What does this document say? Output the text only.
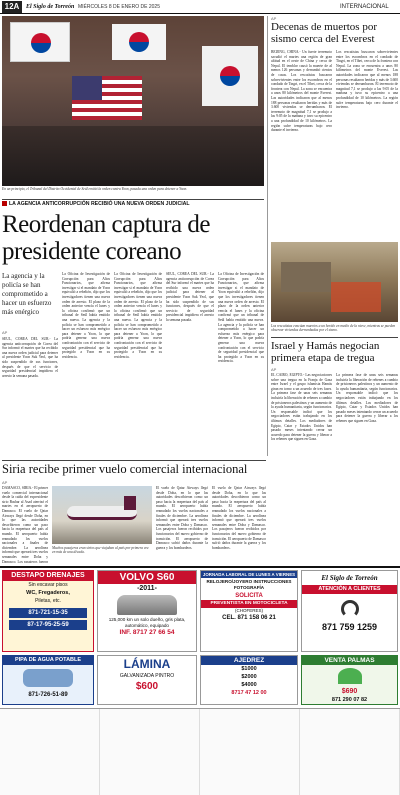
12A	El Siglo de Torreón MIÉRCOLES 8 DE ENERO DE 2025	INTERNACIONAL
En un principio, el Tribunal del Distrito Occidental de Seúl emitió la orden contra Yoon, pasada una orden para detener a Yoon.
LA AGENCIA ANTICORRUPCIÓN RECIBIÓ UNA NUEVA ORDEN JUDICIAL
Reordenan captura de presidente coreano
La agencia y la policía se han comprometido a hacer un esfuerzo más enérgico
AP
SEÚL, COREA DEL SUR.- La agencia anticorrupción de Corea del Sur informó el martes que ha recibido una nueva orden judicial para detener al presidente Yoon Suk Yeol, que ha sido suspendido de sus funciones, después de que el servicio de seguridad presidencial impidiera el arresto la semana pasada.
La Oficina de Investigación de Corrupción para Altos Funcionarios, que afirma investigar si el mandato de Yoon equivalió a rebelión, dijo que los investigadores tienen una nueva orden de arresto. El plazo de la orden anterior vencía el lunes y la oficina confirmó que un tribunal de Seúl había emitido una nueva. La agencia y la policía se han comprometido a hacer un esfuerzo más enérgico para detener a Yoon, lo que podría generar una nueva confrontación con el servicio de seguridad presidencial que ha protegido a Yoon en su residencia.
La Oficina de Investigación de Corrupción para Altos Funcionarios, que afirma investigar si el mandato de Yoon equivalió a rebelión, dijo que los investigadores tienen una nueva orden de arresto. El plazo de la orden anterior vencía el lunes y la oficina confirmó que un tribunal de Seúl había emitido una nueva. La agencia y la policía se han comprometido a hacer un esfuerzo más enérgico para detener a Yoon, lo que podría generar una nueva confrontación con el servicio de seguridad presidencial que ha protegido a Yoon en su residencia.
SEÚL, COREA DEL SUR.- La agencia anticorrupción de Corea del Sur informó el martes que ha recibido una nueva orden judicial para detener al presidente Yoon Suk Yeol, que ha sido suspendido de sus funciones, después de que el servicio de seguridad presidencial impidiera el arresto la semana pasada.
La Oficina de Investigación de Corrupción para Altos Funcionarios, que afirma investigar si el mandato de Yoon equivalió a rebelión, dijo que los investigadores tienen una nueva orden de arresto. El plazo de la orden anterior vencía el lunes y la oficina confirmó que un tribunal de Seúl había emitido una nueva. La agencia y la policía se han comprometido a hacer un esfuerzo más enérgico para detener a Yoon, lo que podría generar una nueva confrontación con el servicio de seguridad presidencial que ha protegido a Yoon en su residencia.
AP
Decenas de muertos por sismo cerca del Everest
BEIJING, CHINA.- Un fuerte terremoto sacudió el martes una región de gran altitud en el oeste de China y cerca de Nepal. El temblor causó la muerte de al menos 126 personas y derrumbó cientos de casas. Los rescatistas buscaron sobrevivientes entre los escombros en el condado de Tingri, en el Tíbet, cerca de la frontera con Nepal. La zona se encuentra a unos 80 kilómetros del monte Everest. Las autoridades indicaron que al menos 188 personas resultaron heridas y más de 3.600 viviendas se derrumbaron. El terremoto de magnitud 7,1 se produjo a las 9:05 de la mañana y tuvo su epicentro a una profundidad de 10 kilómetros. La región sufre temperaturas bajo cero durante el invierno.
Los rescatistas buscaron sobrevivientes entre los escombros en el condado de Tingri, en el Tíbet, cerca de la frontera con Nepal. La zona se encuentra a unos 80 kilómetros del monte Everest. Las autoridades indicaron que al menos 188 personas resultaron heridas y más de 3.600 viviendas se derrumbaron. El terremoto de magnitud 7,1 se produjo a las 9:05 de la mañana y tuvo su epicentro a una profundidad de 10 kilómetros. La región sufre temperaturas bajo cero durante el invierno.
Los rescatistas evacúan muertos a un herido en medio de la nieve, mientras se pueden observar viviendas derrumbadas por el sismo.
Israel y Hamás negocian primera etapa de tregua
AP
EL CAIRO, EGIPTO.- Las negociaciones sobre una tregua en la Franja de Gaza entre Israel y el grupo islamista Hamás giran en torno a un acuerdo de tres fases. La primera fase de unas seis semanas incluiría la liberación de rehenes a cambio de prisioneros palestinos y un aumento de la ayuda humanitaria, según funcionarios. Un responsable indicó que los negociadores están trabajando en los últimos detalles. Los mediadores de Egipto, Catar y Estados Unidos han pasado meses intentando cerrar un acuerdo para detener la guerra y liberar a los rehenes que siguen en Gaza.
La primera fase de unas seis semanas incluiría la liberación de rehenes a cambio de prisioneros palestinos y un aumento de la ayuda humanitaria, según funcionarios. Un responsable indicó que los negociadores están trabajando en los últimos detalles. Los mediadores de Egipto, Catar y Estados Unidos han pasado meses intentando cerrar un acuerdo para detener la guerra y liberar a los rehenes que siguen en Gaza.
Siria recibe primer vuelo comercial internacional
AP
DAMASCO, SIRIA.- El primer vuelo comercial internacional desde la caída del expresidente sirio Bashar al Asad aterrizó el martes en el aeropuerto de Damasco. El vuelo de Qatar Airways llegó desde Doha, en lo que las autoridades describieron como un paso hacia la reapertura del país al mundo. El aeropuerto había reanudado los vuelos nacionales a finales de diciembre. La aerolínea informó que operará tres vuelos semanales entre Doha y Damasco. Los pasajeros fueron
Muchos pasajeros eran sirios que viajaban al país por primera vez en más de una década.
El vuelo de Qatar Airways llegó desde Doha, en lo que las autoridades describieron como un paso hacia la reapertura del país al mundo. El aeropuerto había reanudado los vuelos nacionales a finales de diciembre. La aerolínea informó que operará tres vuelos semanales entre Doha y Damasco. Los pasajeros fueron recibidos por funcionarios del nuevo gobierno de transición. El aeropuerto de Damasco sufrió daños durante la guerra y los bombardeos.
El vuelo de Qatar Airways llegó desde Doha, en lo que las autoridades describieron como un paso hacia la reapertura del país al mundo. El aeropuerto había reanudado los vuelos nacionales a finales de diciembre. La aerolínea informó que operará tres vuelos semanales entre Doha y Damasco. Los pasajeros fueron recibidos por funcionarios del nuevo gobierno de transición. El aeropuerto de Damasco sufrió daños durante la guerra y los bombardeos.
DESTAPO DRENAJES
Sin excavar pisos
WC, Fregaderos,
Piletas, etc.
871-721-15-35
87-17-95-25-59
VOLVO S60
-2011-
125,000 km un solo dueño, gris plata, automático, equipado
INF. 8717 27 66 54
JORNADA LABORAL DE LUNES A VIERNES
RELOJERO/JOYERO INSTRUCCIONES FOTOGRAFÍA
SOLICITA
PREVENTISTA EN MOTOCICLETA
(CHOFERES)
CEL. 871 158 06 21
El Siglo de Torreón
ATENCIÓN A CLIENTES
871 759 1259
PIPA DE AGUA POTABLE
871-726-51-89
LÁMINA
GALVANIZADA PINTRO
$600
AJEDREZ
$1000
$2000
$4000
8717 47 12 00
VENTA PALMAS
$690
871 290 07 82
